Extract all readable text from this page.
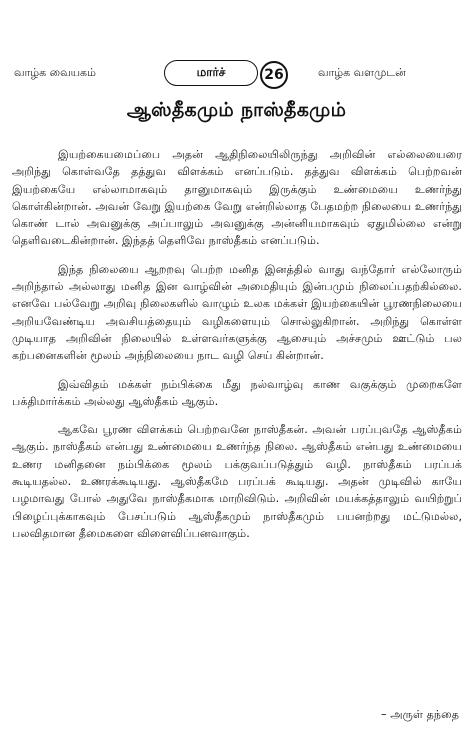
வாழ்க வையகம்	மார்ச்	26	வாழ்க வளமுடன்
ஆஸ்தீகமும் நாஸ்தீகமும்

இயற்கையமைப்பை அதன் ஆதிநிலையிலிருந்து அறிவின் எல்லையைரை அறிந்து கொள்வதே தத்துவ விளக்கம் எனப்படும். தத்துவ விளக்கம் பெற்றவன் இயற்கையே எல்லாமாகவும் தானுமாகவும் இருக்கும் உண்மையை உணர்ந்து கொள்கின்றான். அவன் வேறு இயற்கை வேறு என்றில்லாத பேதமற்ற நிலையை உணர்ந்து கொண் டால் அவனுக்கு அப்பாலும் அவனுக்கு அன்னியமாகவும் ஏதுமில்லை என்று தெளிவடைகின்றான். இந்தத் தெளிவே நாஸ்தீகம் எனப்படும்.

இந்த நிலையை ஆறறவு பெற்ற மனித இனத்தில் வாது வந்தோர் எல்லோரும் அறிந்தால் அல்லாது மனித இன வாழ்வின் அமைதியும் இன்பமும் நிலைப்பதற்கில்லை. எனவே பல்வேறு அறிவு நிலைகளில் வாழும் உலக மக்கள் இயற்கையின் பூரணநிலையை அறியவேண்டிய அவசியத்தையும் வழிகளையும் சொல்லுகிறான். அறிந்து கொள்ள முடியாத அறிவின் நிலையில் உள்ளவர்களுக்கு ஆசையும் அச்சமும் ஊட்டும் பல கற்பனைகளின் மூலம் அந்நிலையை நாட வழி செய் கின்றான்.

இவ்விதம் மக்கள் நம்பிக்கை மீது நல்வாழ்வு காண வகுக்கும் முறைகளே பக்திமார்க்கம் அல்லது ஆஸ்தீகம் ஆகும்.

ஆகவே பூரண விளக்கம் பெற்றவனே நாஸ்தீகன். அவன் பரப்புவதே ஆஸ்தீகம் ஆகும். நாஸ்தீகம் என்பது உண்மையை உணர்ந்த நிலை. ஆஸ்தீகம் என்பது உண்மையை உணர மனிதனை நம்பிக்கை மூலம் பக்குவப்படுத்தும் வழி. நாஸ்தீகம் பரப்பக் கூடியதல்ல. உணரக்கூடியது. ஆஸ்தீகமே பரப்பக் கூடியது. அதன் முடிவில் காயே பழமாவது போல் அதுவே நாஸ்தீகமாக மாறிவிடும். அறிவின் மயக்கத்தாலும் வயிற்றுப் பிழைப்புக்காகவும் பேசப்படும் ஆஸ்தீகமும் நாஸ்தீகமும் பயனற்றது மட்டுமல்ல, பலவிதமான தீமைகளை விளைவிப்பனவாகும்.

– அருள் தந்தை
